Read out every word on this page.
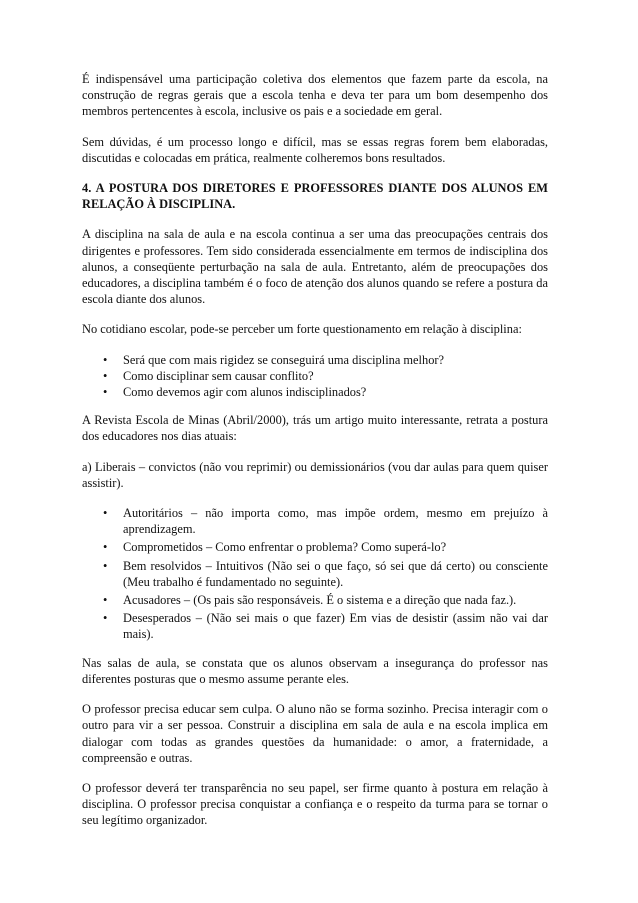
É indispensável uma participação coletiva dos elementos que fazem parte da escola, na construção de regras gerais que a escola tenha e deva ter para um bom desempenho dos membros pertencentes à escola, inclusive os pais e a sociedade em geral.

Sem dúvidas, é um processo longo e difícil, mas se essas regras forem bem elaboradas, discutidas e colocadas em prática, realmente colheremos bons resultados.

4. A POSTURA DOS DIRETORES E PROFESSORES DIANTE DOS ALUNOS EM RELAÇÃO À DISCIPLINA.

A disciplina na sala de aula e na escola continua a ser uma das preocupações centrais dos dirigentes e professores. Tem sido considerada essencialmente em termos de indisciplina dos alunos, a conseqüente perturbação na sala de aula. Entretanto, além de preocupações dos educadores, a disciplina também é o foco de atenção dos alunos quando se refere a postura da escola diante dos alunos.

No cotidiano escolar, pode-se perceber um forte questionamento em relação à disciplina:

• Será que com mais rigidez se conseguirá uma disciplina melhor?
• Como disciplinar sem causar conflito?
• Como devemos agir com alunos indisciplinados?

A Revista Escola de Minas (Abril/2000), trás um artigo muito interessante, retrata a postura dos educadores nos dias atuais:

a) Liberais – convictos (não vou reprimir) ou demissionários (vou dar aulas para quem quiser assistir).

• Autoritários – não importa como, mas impõe ordem, mesmo em prejuízo à aprendizagem.
• Comprometidos – Como enfrentar o problema? Como superá-lo?
• Bem resolvidos – Intuitivos (Não sei o que faço, só sei que dá certo) ou consciente (Meu trabalho é fundamentado no seguinte).
• Acusadores – (Os pais são responsáveis. É o sistema e a direção que nada faz.).
• Desesperados – (Não sei mais o que fazer) Em vias de desistir (assim não vai dar mais).

Nas salas de aula, se constata que os alunos observam a insegurança do professor nas diferentes posturas que o mesmo assume perante eles.

O professor precisa educar sem culpa. O aluno não se forma sozinho. Precisa interagir com o outro para vir a ser pessoa. Construir a disciplina em sala de aula e na escola implica em dialogar com todas as grandes questões da humanidade: o amor, a fraternidade, a compreensão e outras.

O professor deverá ter transparência no seu papel, ser firme quanto à postura em relação à disciplina. O professor precisa conquistar a confiança e o respeito da turma para se tornar o seu legítimo organizador.
